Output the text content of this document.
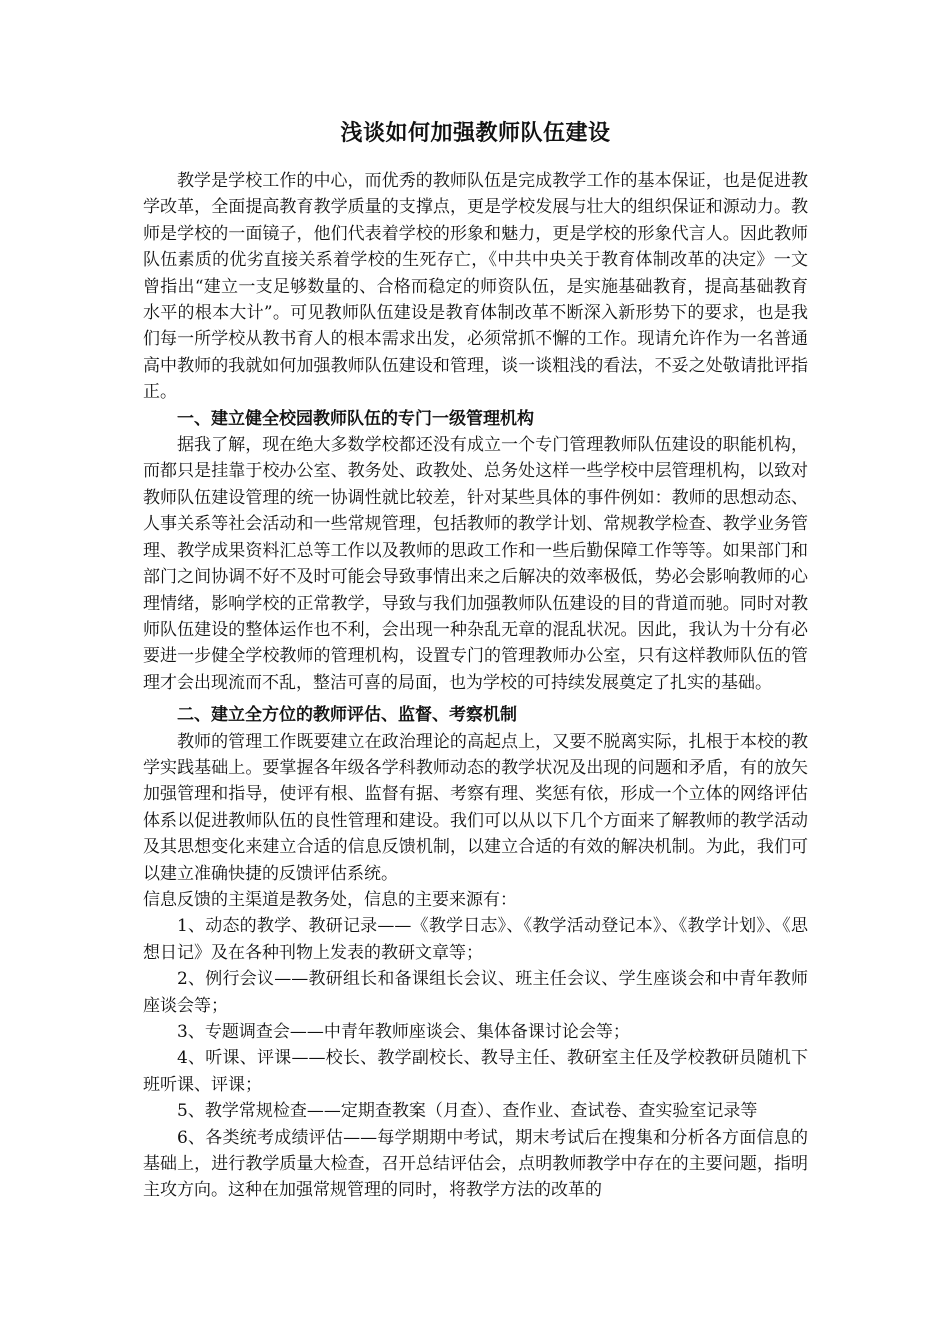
浅谈如何加强教师队伍建设

教学是学校工作的中心，而优秀的教师队伍是完成教学工作的基本保证，也是促进教学改革，全面提高教育教学质量的支撑点，更是学校发展与壮大的组织保证和源动力。教师是学校的一面镜子，他们代表着学校的形象和魅力，更是学校的形象代言人。因此教师队伍素质的优劣直接关系着学校的生死存亡，《中共中央关于教育体制改革的决定》一文曾指出“建立一支足够数量的、合格而稳定的师资队伍，是实施基础教育，提高基础教育水平的根本大计”。可见教师队伍建设是教育体制改革不断深入新形势下的要求，也是我们每一所学校从教书育人的根本需求出发，必须常抓不懈的工作。现请允许作为一名普通高中教师的我就如何加强教师队伍建设和管理，谈一谈粗浅的看法，不妥之处敬请批评指正。

一、建立健全校园教师队伍的专门一级管理机构

据我了解，现在绝大多数学校都还没有成立一个专门管理教师队伍建设的职能机构，而都只是挂靠于校办公室、教务处、政教处、总务处这样一些学校中层管理机构，以致对教师队伍建设管理的统一协调性就比较差，针对某些具体的事件例如：教师的思想动态、人事关系等社会活动和一些常规管理，包括教师的教学计划、常规教学检查、教学业务管理、教学成果资料汇总等工作以及教师的思政工作和一些后勤保障工作等等。如果部门和部门之间协调不好不及时可能会导致事情出来之后解决的效率极低，势必会影响教师的心理情绪，影响学校的正常教学，导致与我们加强教师队伍建设的目的背道而驰。同时对教师队伍建设的整体运作也不利，会出现一种杂乱无章的混乱状况。因此，我认为十分有必要进一步健全学校教师的管理机构，设置专门的管理教师办公室，只有这样教师队伍的管理才会出现流而不乱，整洁可喜的局面，也为学校的可持续发展奠定了扎实的基础。

二、建立全方位的教师评估、监督、考察机制

教师的管理工作既要建立在政治理论的高起点上，又要不脱离实际，扎根于本校的教学实践基础上。要掌握各年级各学科教师动态的教学状况及出现的问题和矛盾，有的放矢加强管理和指导，使评有根、监督有据、考察有理、奖惩有依，形成一个立体的网络评估体系以促进教师队伍的良性管理和建设。我们可以从以下几个方面来了解教师的教学活动及其思想变化来建立合适的信息反馈机制，以建立合适的有效的解决机制。为此，我们可以建立准确快捷的反馈评估系统。

信息反馈的主渠道是教务处，信息的主要来源有：

1、动态的教学、教研记录——《教学日志》、《教学活动登记本》、《教学计划》、《思想日记》及在各种刊物上发表的教研文章等；

2、例行会议——教研组长和备课组长会议、班主任会议、学生座谈会和中青年教师座谈会等；

3、专题调查会——中青年教师座谈会、集体备课讨论会等；

4、听课、评课——校长、教学副校长、教导主任、教研室主任及学校教研员随机下班听课、评课；

5、教学常规检查——定期查教案（月查）、查作业、查试卷、查实验室记录等

6、各类统考成绩评估——每学期期中考试，期末考试后在搜集和分析各方面信息的基础上，进行教学质量大检查，召开总结评估会，点明教师教学中存在的主要问题，指明主攻方向。这种在加强常规管理的同时，将教学方法的改革的
